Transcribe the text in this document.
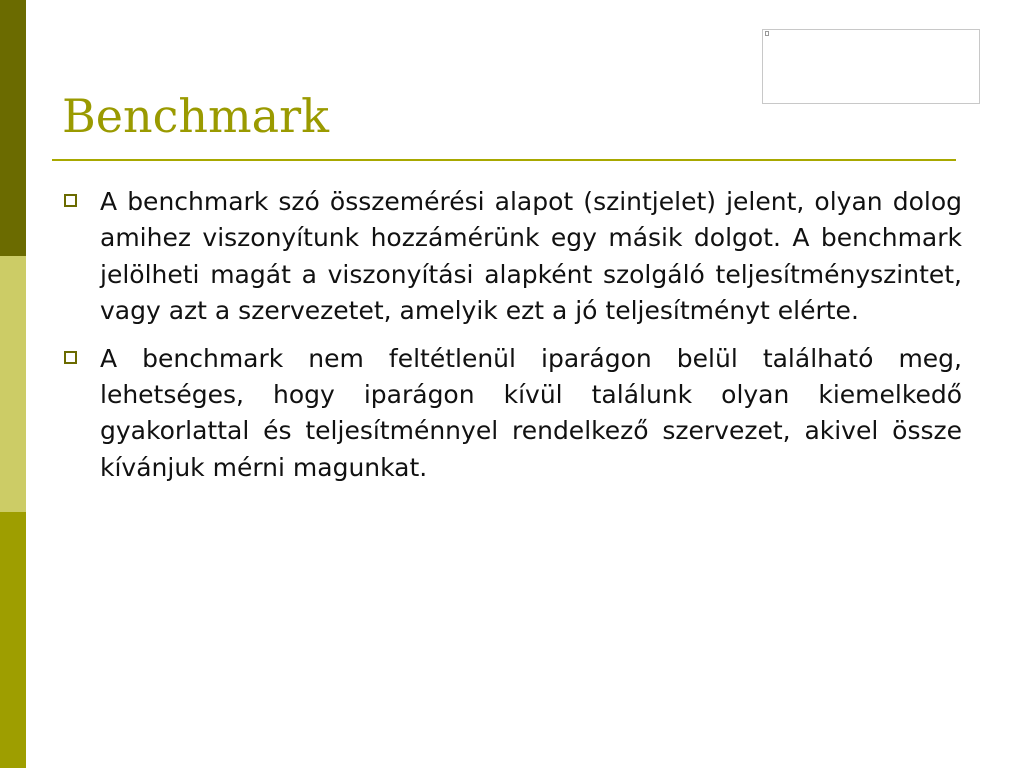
Benchmark
A benchmark szó összemérési alapot (szintjelet) jelent, olyan dolog amihez viszonyítunk hozzámérünk egy másik dolgot. A benchmark jelölheti magát a viszonyítási alapként szolgáló teljesítményszintet, vagy azt a szervezetet, amelyik ezt a jó teljesítményt elérte.
A benchmark nem feltétlenül iparágon belül található meg, lehetséges, hogy iparágon kívül találunk olyan kiemelkedő gyakorlattal és teljesítménnyel rendelkező szervezet, akivel össze kívánjuk mérni magunkat.
